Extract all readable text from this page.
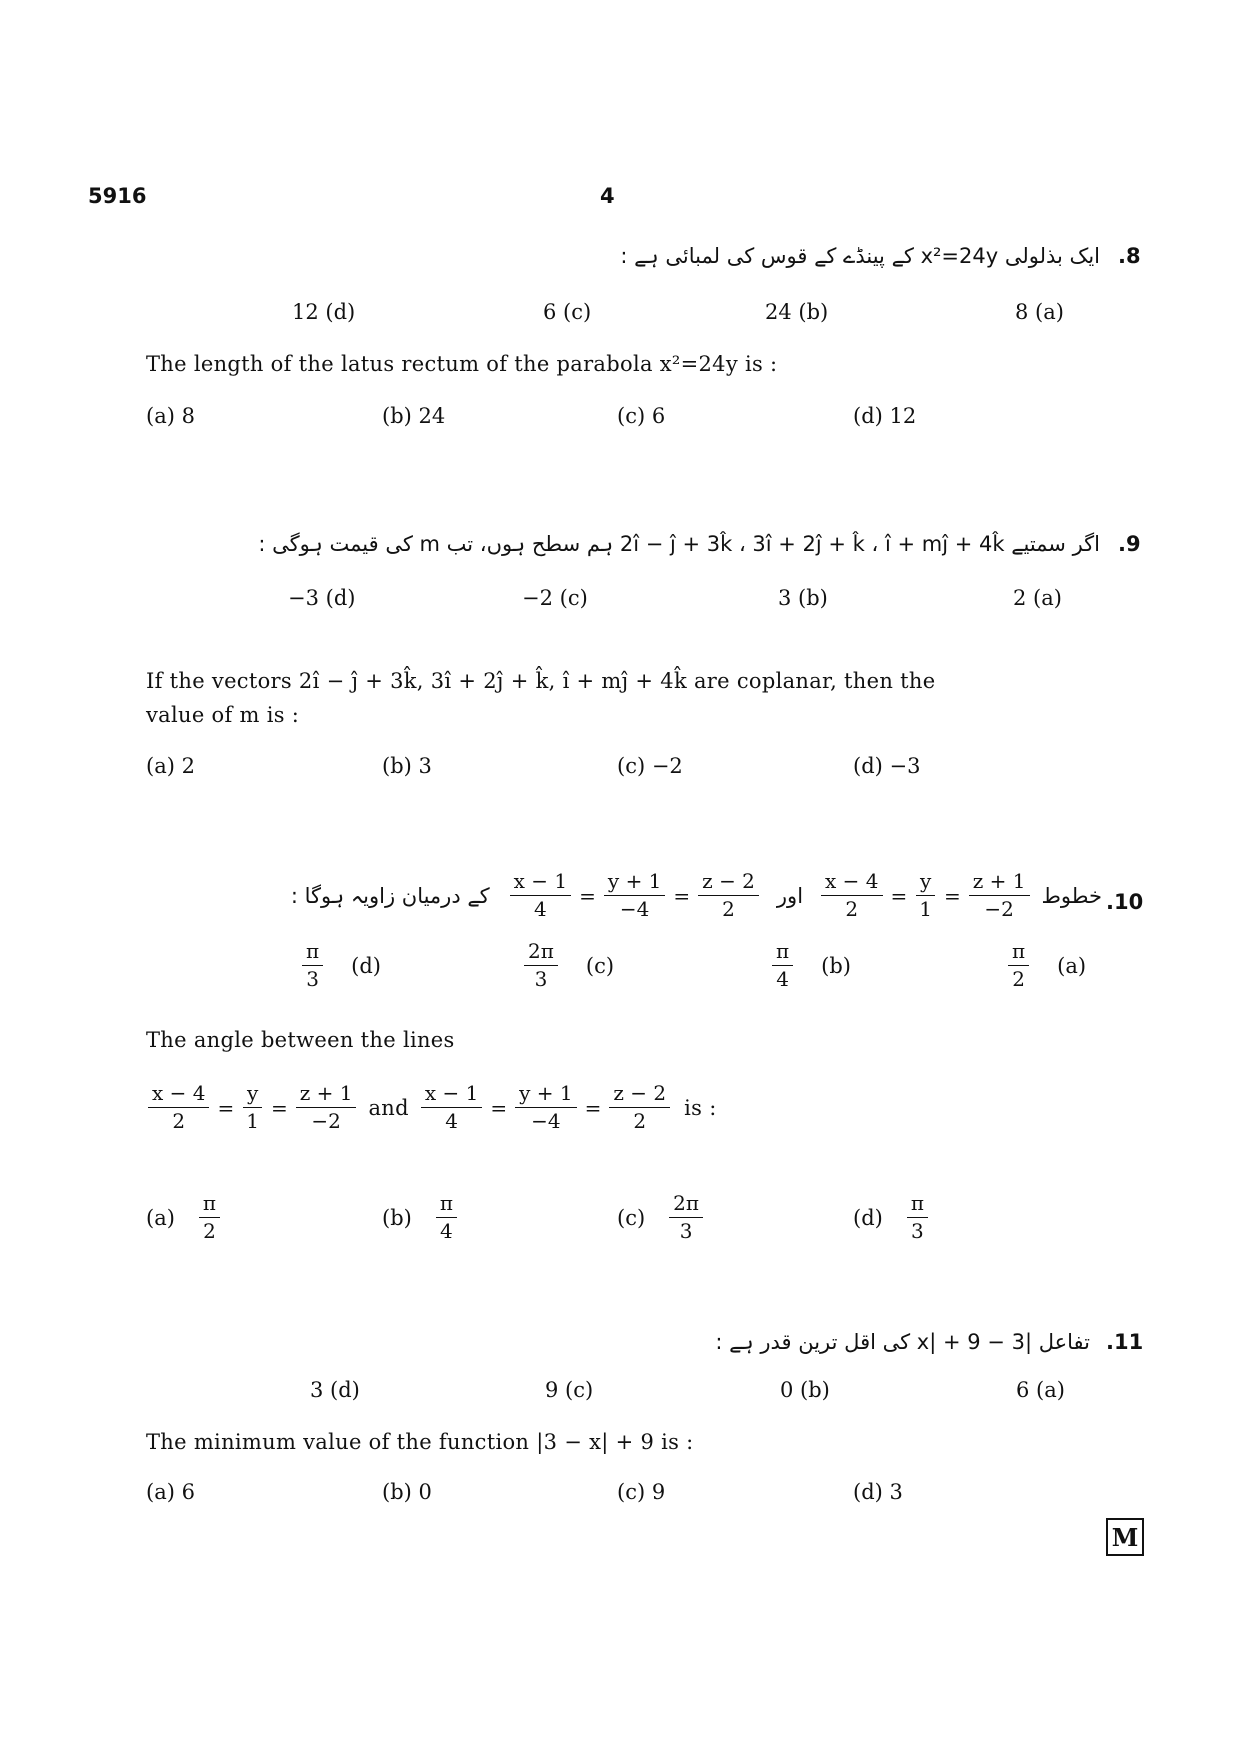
5916	4
.8
ایک بذلولی x²=24y کے پینڈے کے قوس کی لمبائی ہے :
12 (d)	6 (c)	24 (b)	8 (a)
The length of the latus rectum of the parabola x²=24y is :
(a) 8	(b) 24	(c) 6	(d) 12
.9
اگر سمتیے 2î − ĵ + 3k̂ ، 3î + 2ĵ + k̂ ، î + mĵ + 4k̂ ہم سطح ہوں، تب m کی قیمت ہوگی :
−3 (d)	−2 (c)	3 (b)	2 (a)
If the vectors 2î − ĵ + 3k̂, 3î + 2ĵ + k̂, î + mĵ + 4k̂ are coplanar, then the
value of m is :
(a) 2	(b) 3	(c) −2	(d) −3
.10
کے درمیان زاویہ ہوگا : $\frac{x - 1}{4} = \frac{y + 1}{-4} = \frac{z - 2}{2}$ اور $\frac{x - 4}{2} = \frac{y}{1} = \frac{z + 1}{-2}$ خطوط
$\frac{\pi}{3} (d)$	$\frac{2\pi}{3} (c)$	$\frac{\pi}{4} (b)$	$\frac{\pi}{2} (a)$
The angle between the lines
$\frac{x - 4}{2} = \frac{y}{1} = \frac{z + 1}{-2}$ and $\frac{x - 1}{4} = \frac{y + 1}{-4} = \frac{z - 2}{2}$ is :
$(a) \frac{\pi}{2}$	$(b) \frac{\pi}{4}$	$(c) \frac{2\pi}{3}$	$(d) \frac{\pi}{3}$
.11
تفاعل |3 − x| + 9 کی اقل ترین قدر ہے :
3 (d)	9 (c)	0 (b)	6 (a)
The minimum value of the function |3 − x| + 9 is :
(a) 6	(b) 0	(c) 9	(d) 3
M
